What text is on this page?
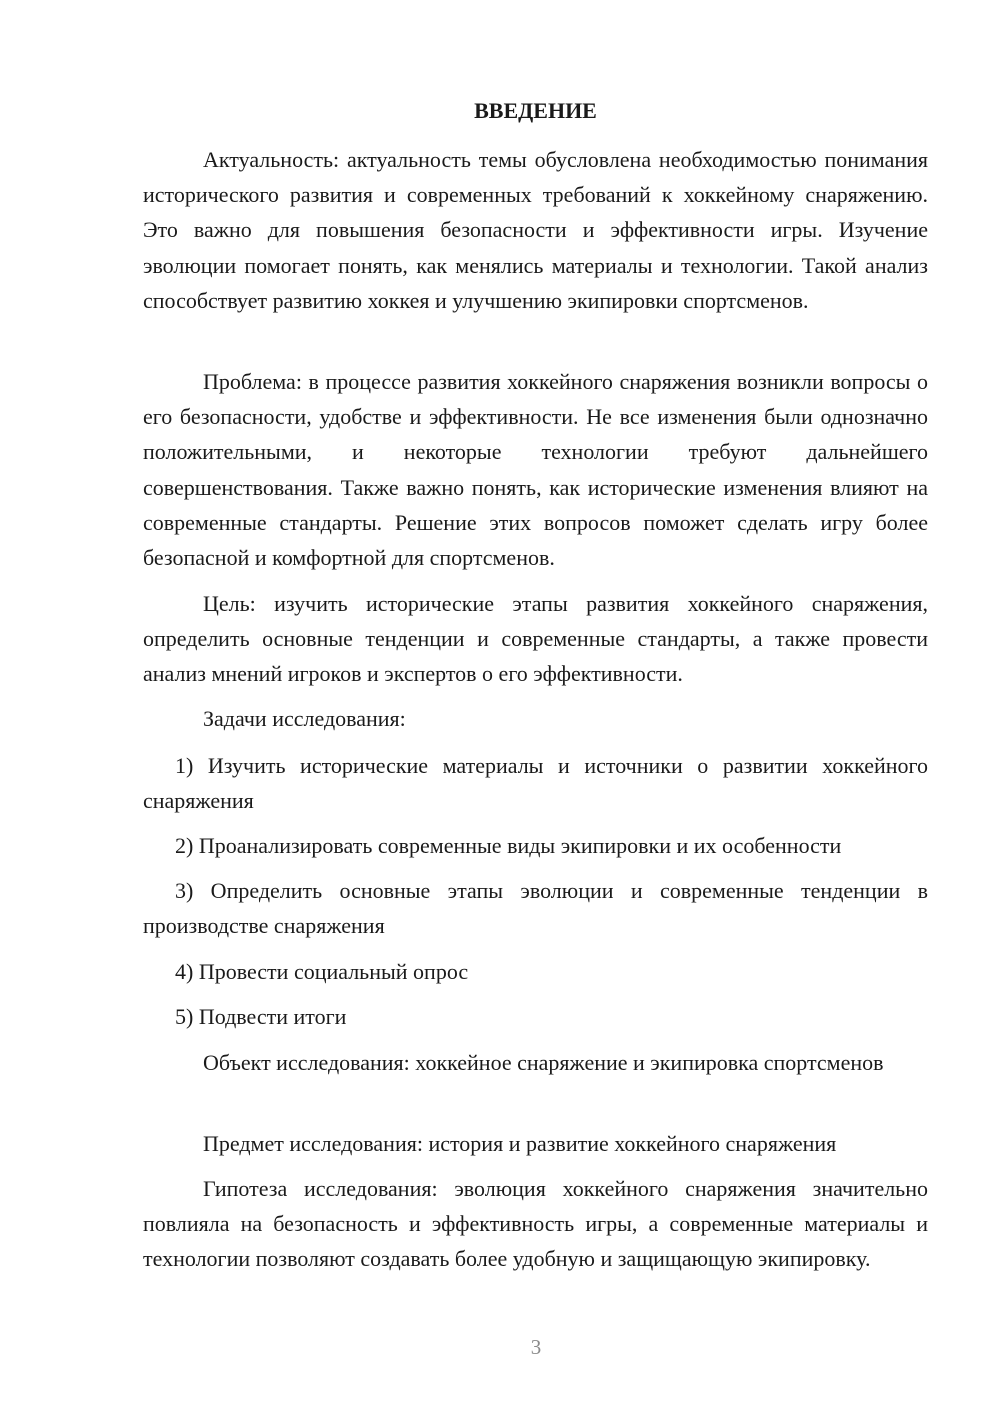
ВВЕДЕНИЕ

Актуальность: актуальность темы обусловлена необходимостью понимания исторического развития и современных требований к хоккейному снаряжению. Это важно для повышения безопасности и эффективности игры. Изучение эволюции помогает понять, как менялись материалы и технологии. Такой анализ способствует развитию хоккея и улучшению экипировки спортсменов.

Проблема: в процессе развития хоккейного снаряжения возникли вопросы о его безопасности, удобстве и эффективности. Не все изменения были однозначно положительными, и некоторые технологии требуют дальнейшего совершенствования. Также важно понять, как исторические изменения влияют на современные стандарты. Решение этих вопросов поможет сделать игру более безопасной и комфортной для спортсменов.

Цель: изучить исторические этапы развития хоккейного снаряжения, определить основные тенденции и современные стандарты, а также провести анализ мнений игроков и экспертов о его эффективности.

Задачи исследования:

1) Изучить исторические материалы и источники о развитии хоккейного снаряжения

2) Проанализировать современные виды экипировки и их особенности

3) Определить основные этапы эволюции и современные тенденции в производстве снаряжения

4) Провести социальный опрос

5) Подвести итоги

Объект исследования: хоккейное снаряжение и экипировка спортсменов

Предмет исследования: история и развитие хоккейного снаряжения

Гипотеза исследования: эволюция хоккейного снаряжения значительно повлияла на безопасность и эффективность игры, а современные материалы и технологии позволяют создавать более удобную и защищающую экипировку.

3
